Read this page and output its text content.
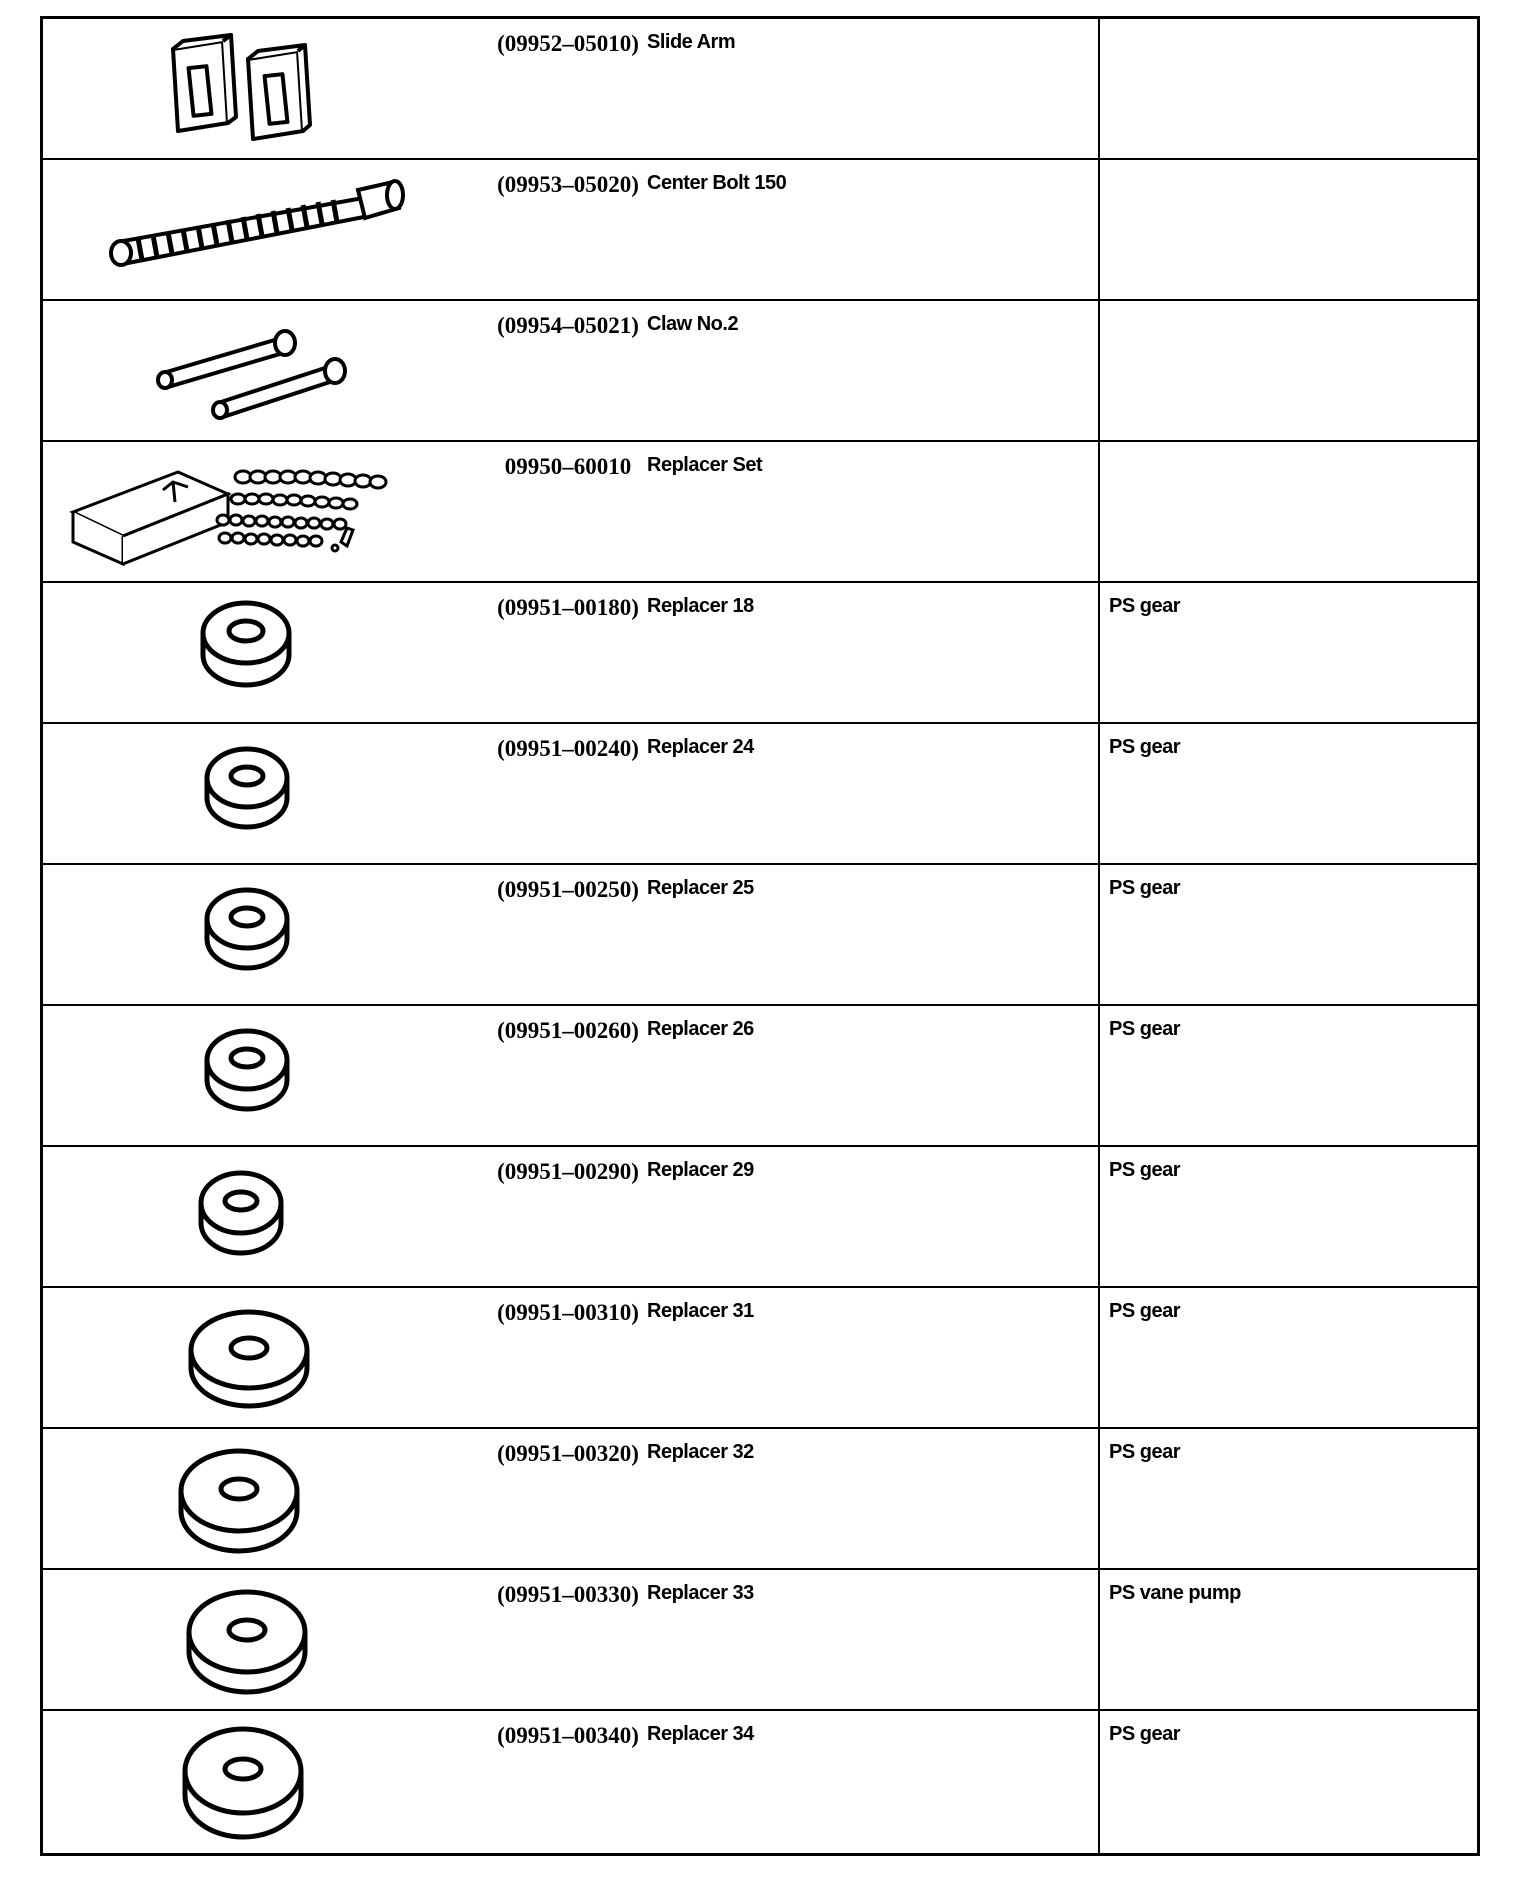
(09952–05010) Slide Arm
(09953–05020) Center Bolt 150
(09954–05021) Claw No.2
09950–60010 Replacer Set
(09951–00180) Replacer 18	PS gear
(09951–00240) Replacer 24	PS gear
(09951–00250) Replacer 25	PS gear
(09951–00260) Replacer 26	PS gear
(09951–00290) Replacer 29	PS gear
(09951–00310) Replacer 31	PS gear
(09951–00320) Replacer 32	PS gear
(09951–00330) Replacer 33	PS vane pump
(09951–00340) Replacer 34	PS gear
